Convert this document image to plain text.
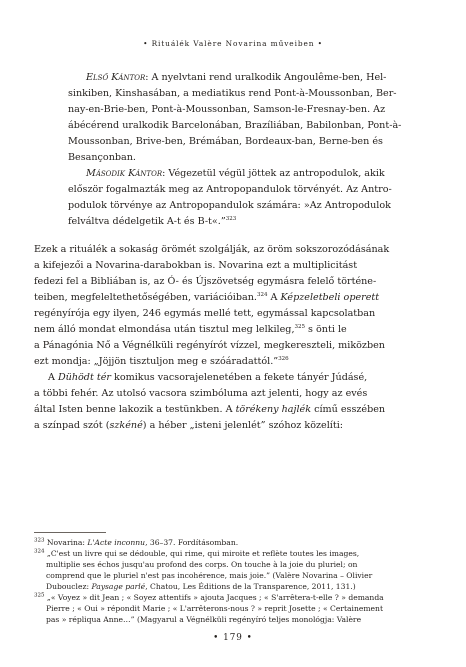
• Rituálék Valère Novarina műveiben •
Első Kántor: A nyelvtani rend uralkodik Angoulême-ben, Hel-
sinkiben, Kinshasában, a mediatikus rend Pont-à-Moussonban, Ber-
nay-en-Brie-ben, Pont-à-Moussonban, Samson-le-Fresnay-ben. Az
ábécérend uralkodik Barcelonában, Brazíliában, Babilonban, Pont-à-
Moussonban, Brive-ben, Brémában, Bordeaux-ban, Berne-ben és
Besançonban.
Második Kántor: Végezetül végül jöttek az antropodulok, akik
először fogalmazták meg az Antropopandulok törvényét. Az Antro-
podulok törvénye az Antropopandulok számára: »Az Antropodulok
felváltva dédelgetik A-t és B-t«.”$^{323}$
Ezek a rituálék a sokaság örömét szolgálják, az öröm sokszorozódásának
a kifejezői a Novarina-darabokban is. Novarina ezt a multiplicitást
fedezi fel a Bibliában is, az Ó- és Újszövetség egymásra felelő történe-
teiben, megfeleltethetőségében, variációiban.$^{324}$ A Képzeletbeli operett
regényírója egy ilyen, 246 egymás mellé tett, egymással kapcsolatban
nem álló mondat elmondása után tisztul meg lelkileg,$^{325}$ s önti le
a Pánagónia Nő a Végnélküli regényírót vízzel, megkereszteli, miközben
ezt mondja: „Jöjjön tisztuljon meg e szóáradattól.”$^{326}$
A Dühödt tér komikus vacsorajelenetében a fekete tányér Júdásé,
a többi fehér. Az utolsó vacsora szimbóluma azt jelenti, hogy az evés
által Isten benne lakozik a testünkben. A törékeny hajlék című esszében
a színpad szót (szkéné) a héber „isteni jelenlét” szóhoz közelíti:
$^{323}$ Novarina: L'Acte inconnu, 36–37. Fordításomban.
$^{324}$ „C'est un livre qui se dédouble, qui rime, qui miroite et reflète toutes les images,
multiplie ses échos jusqu'au profond des corps. On touche à la joie du pluriel; on
comprend que le pluriel n'est pas incohérence, mais joie.” (Valère Novarina – Olivier
Dubouclez: Paysage parlé, Chatou, Les Éditions de la Transparence, 2011, 131.)
$^{325}$ „« Voyez » dit Jean ; « Soyez attentifs » ajouta Jacques ; « S'arrêtera-t-elle ? » demanda
Pierre ; « Oui » répondit Marie ; « L'arrêterons-nous ? » reprit Josette ; « Certainement
pas » répliqua Anne…” (Magyarul a Végnélküli regényíró teljes monológja: Valère
• 179 •
